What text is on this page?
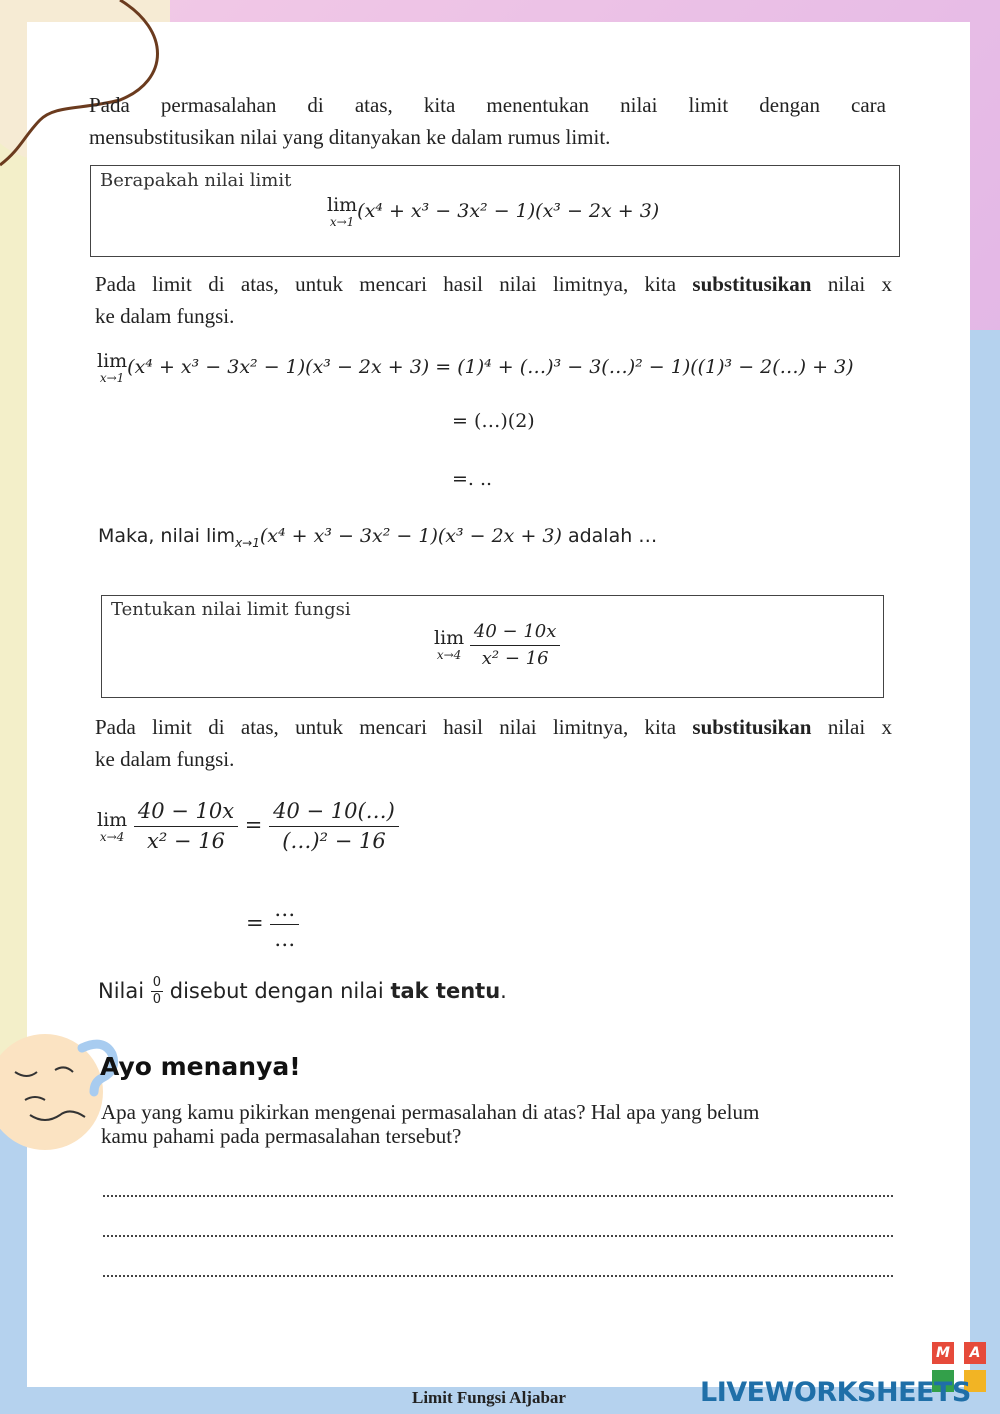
Pada permasalahan di atas, kita menentukan nilai limit dengan cara
mensubstitusikan nilai yang ditanyakan ke dalam rumus limit.
Berapakah nilai limit
lim
x→1 (x⁴ + x³ − 3x² − 1)(x³ − 2x + 3)
Pada limit di atas, untuk mencari hasil nilai limitnya, kita substitusikan nilai x
ke dalam fungsi.
lim
x→1 (x⁴ + x³ − 3x² − 1)(x³ − 2x + 3) = (1)⁴ + (…)³ − 3(…)² − 1)((1)³ − 2(…) + 3)
= (…)(2)
=. ..
Maka, nilai $\lim_{x\to 1}(x^4 + x^3 - 3x^2 - 1)(x^3 - 2x + 3)$ adalah …
Tentukan nilai limit fungsi
lim
x→4
$\frac{40 - 10x}{\text{x² − 16}}$
Pada limit di atas, untuk mencari hasil nilai limitnya, kita substitusikan nilai x
ke dalam fungsi.
lim
x→4
$\frac{40 - 10x}{\text{x² − 16}} = \frac{40 - 10(\dots)}{\text{(…)² − 16}}$
= $\frac{\dots}{\dots}$
Nilai $\frac{0}{0}$ disebut dengan nilai tak tentu.
Ayo menanya!
Apa yang kamu pikirkan mengenai permasalahan di atas? Hal apa yang belum
kamu pahami pada permasalahan tersebut?
Limit Fungsi Aljabar
M	A
LIVEWORKSHEETS
